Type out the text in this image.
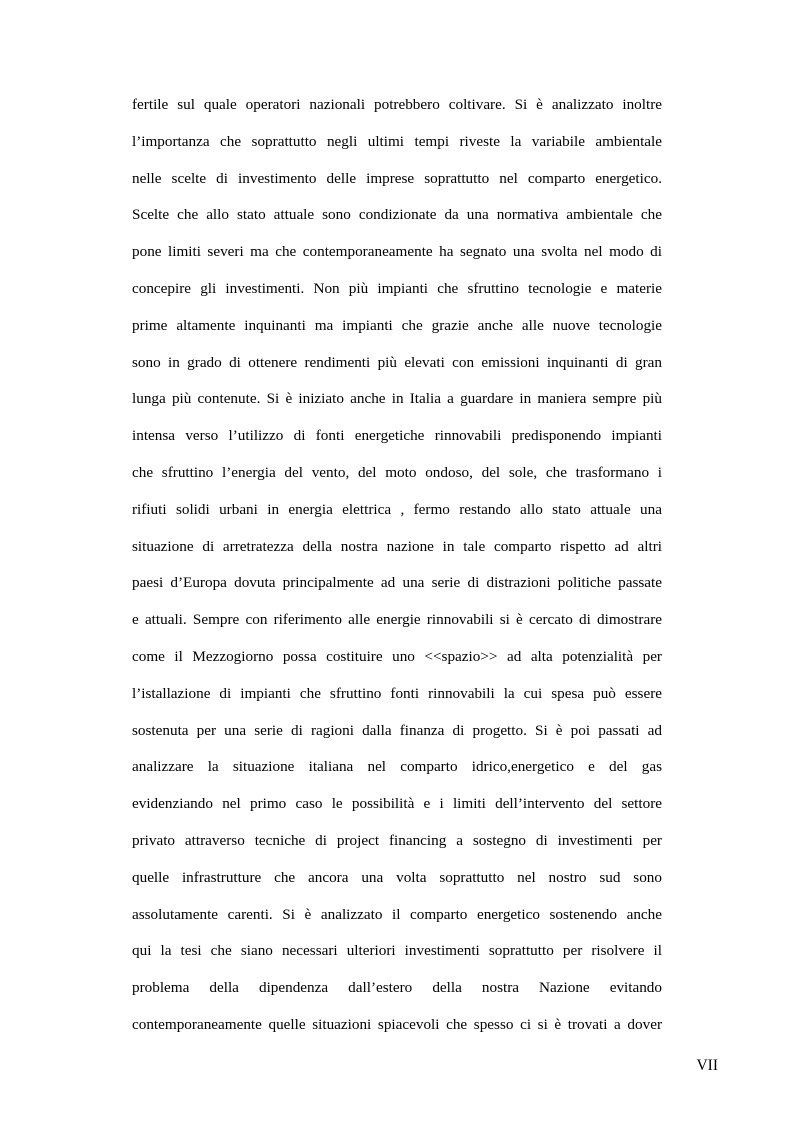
fertile sul quale operatori nazionali potrebbero coltivare. Si è analizzato inoltre
l’importanza che soprattutto negli ultimi tempi riveste la variabile ambientale
nelle scelte di investimento delle imprese soprattutto nel comparto energetico.
Scelte che allo stato attuale sono condizionate da una normativa ambientale che
pone limiti severi ma che contemporaneamente ha segnato una svolta nel modo di
concepire gli investimenti. Non più impianti che sfruttino tecnologie e materie
prime altamente inquinanti ma impianti che grazie anche alle nuove tecnologie
sono in grado di ottenere rendimenti più elevati con emissioni inquinanti di gran
lunga più contenute. Si è iniziato anche in Italia a guardare in maniera sempre più
intensa verso l’utilizzo di fonti energetiche rinnovabili predisponendo impianti
che sfruttino l’energia del vento, del moto ondoso, del sole, che trasformano i
rifiuti solidi urbani in energia elettrica , fermo restando allo stato attuale una
situazione di arretratezza della nostra nazione in tale comparto rispetto ad altri
paesi d’Europa dovuta principalmente ad una serie di distrazioni politiche passate
e attuali. Sempre con riferimento alle energie rinnovabili si è cercato di dimostrare
come il Mezzogiorno possa costituire uno <<spazio>> ad alta potenzialità per
l’istallazione di impianti che sfruttino fonti rinnovabili la cui spesa può essere
sostenuta per una serie di ragioni dalla finanza di progetto. Si è poi passati ad
analizzare la situazione italiana nel comparto idrico,energetico e del gas
evidenziando nel primo caso le possibilità e i limiti dell’intervento del settore
privato attraverso tecniche di project financing a sostegno di investimenti per
quelle infrastrutture che ancora una volta soprattutto nel nostro sud sono
assolutamente carenti. Si è analizzato il comparto energetico sostenendo anche
qui la tesi che siano necessari ulteriori investimenti soprattutto per risolvere il
problema della dipendenza dall’estero della nostra Nazione evitando
contemporaneamente quelle situazioni spiacevoli che spesso ci si è trovati a dover
VII
